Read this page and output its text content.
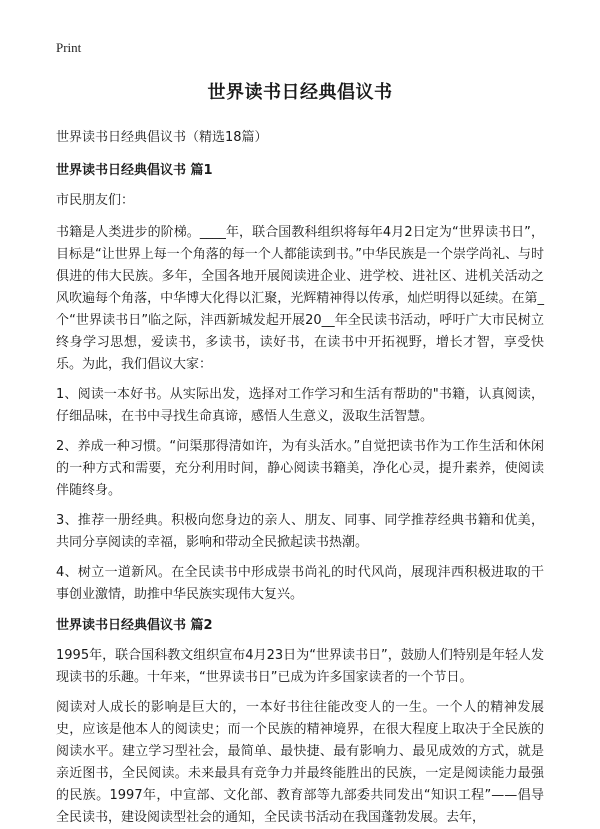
Print
世界读书日经典倡议书

世界读书日经典倡议书（精选18篇）

世界读书日经典倡议书 篇1

市民朋友们：

书籍是人类进步的阶梯。____年，联合国教科组织将每年4月2日定为“世界读书日”，目标是“让世界上每一个角落的每一个人都能读到书。”中华民族是一个崇学尚礼、与时俱进的伟大民族。多年，全国各地开展阅读进企业、进学校、进社区、进机关活动之风吹遍每个角落，中华博大化得以汇聚，光辉精神得以传承，灿烂明得以延续。在第_个“世界读书日”临之际，沣西新城发起开展20__年全民读书活动，呼吁广大市民树立终身学习思想，爱读书，多读书，读好书，在读书中开拓视野，增长才智，享受快乐。为此，我们倡议大家：

1、阅读一本好书。从实际出发，选择对工作学习和生活有帮助的"书籍，认真阅读，仔细品味，在书中寻找生命真谛，感悟人生意义，汲取生活智慧。

2、养成一种习惯。“问渠那得清如许，为有头活水。”自觉把读书作为工作生活和休闲的一种方式和需要，充分利用时间，静心阅读书籍美，净化心灵，提升素养，使阅读伴随终身。

3、推荐一册经典。积极向您身边的亲人、朋友、同事、同学推荐经典书籍和优美，共同分享阅读的幸福，影响和带动全民掀起读书热潮。

4、树立一道新风。在全民读书中形成崇书尚礼的时代风尚，展现沣西积极进取的干事创业激情，助推中华民族实现伟大复兴。

世界读书日经典倡议书 篇2

1995年，联合国科教文组织宣布4月23日为“世界读书日”，鼓励人们特别是年轻人发现读书的乐趣。十年来，“世界读书日”已成为许多国家读者的一个节日。

阅读对人成长的影响是巨大的，一本好书往往能改变人的一生。一个人的精神发展史，应该是他本人的阅读史；而一个民族的精神境界，在很大程度上取决于全民族的阅读水平。建立学习型社会，最简单、最快捷、最有影响力、最见成效的方式，就是亲近图书，全民阅读。未来最具有竞争力并最终能胜出的民族，一定是阅读能力最强的民族。1997年，中宣部、文化部、教育部等九部委共同发出“知识工程”——倡导全民读书，建设阅读型社会的通知，全民读书活动在我国蓬勃发展。去年，
